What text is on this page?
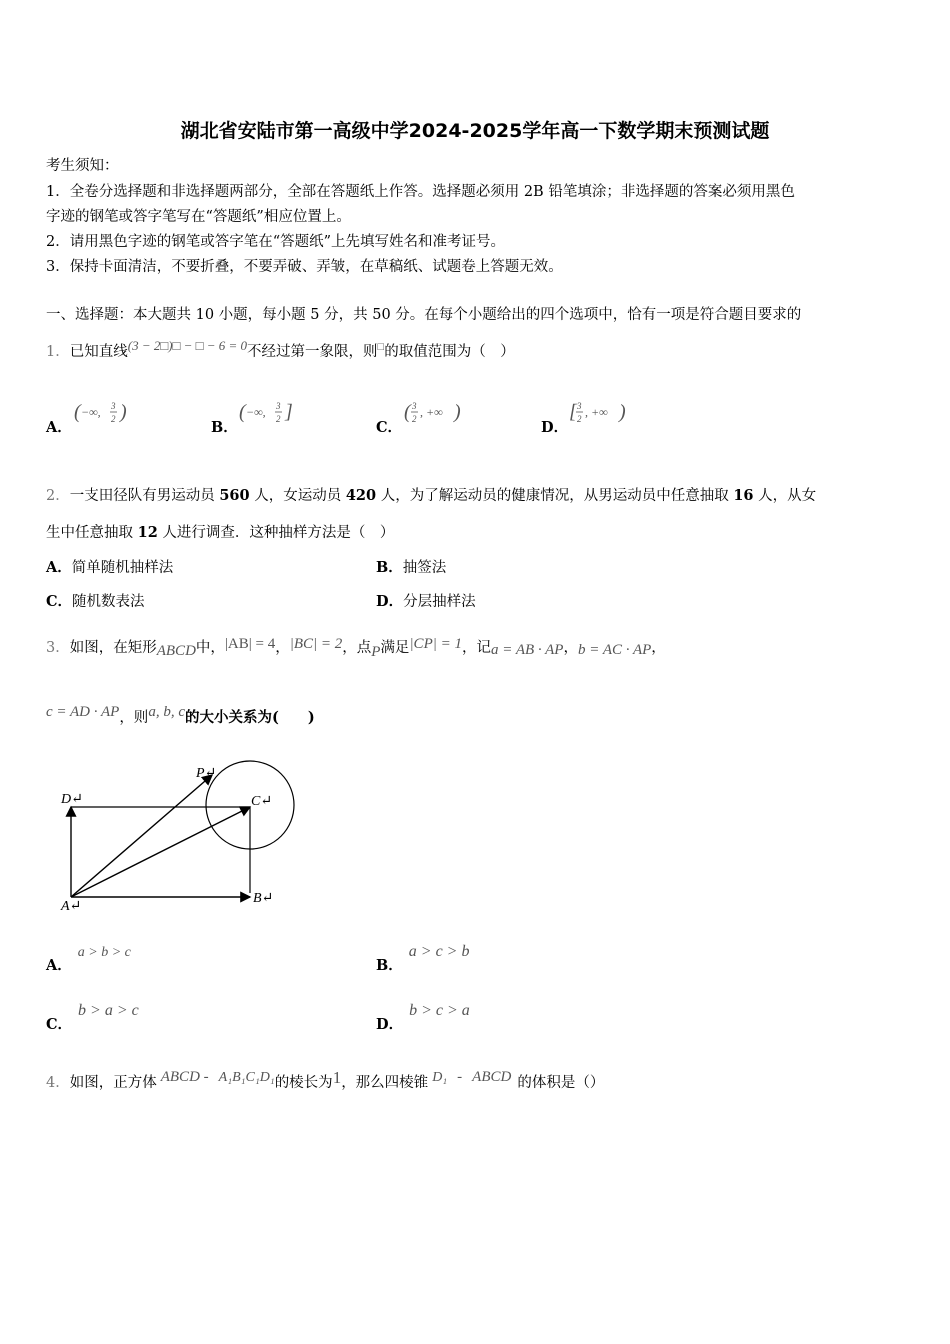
湖北省安陆市第一高级中学2024-2025学年高一下数学期末预测试题
考生须知：
1．全卷分选择题和非选择题两部分，全部在答题纸上作答。选择题必须用 2B 铅笔填涂；非选择题的答案必须用黑色
字迹的钢笔或答字笔写在“答题纸”相应位置上。
2．请用黑色字迹的钢笔或答字笔在“答题纸”上先填写姓名和准考证号。
3．保持卡面清洁，不要折叠，不要弄破、弄皱，在草稿纸、试题卷上答题无效。
一、选择题：本大题共 10 小题，每小题 5 分，共 50 分。在每个小题给出的四个选项中，恰有一项是符合题目要求的
1．已知直线(3 − 2□)□ − □ − 6 = 0不经过第一象限，则□的取值范围为（　）
A．
( −∞, 3
2 )
B．
( −∞, 3
2 ]
C．
( 3
2 , +∞ )
D．
[ 3
2 , +∞ )
2．一支田径队有男运动员 560 人，女运动员 420 人，为了解运动员的健康情况，从男运动员中任意抽取 16 人，从女
生中任意抽取 12 人进行调查．这种抽样方法是（　）
A．简单随机抽样法	B．抽签法
C．随机数表法	D．分层抽样法
3．如图，在矩形ABCD中，|AB| = 4，|BC| = 2，点P满足|CP| = 1，记a = AB · AP，b = AC · AP，
c = AD · AP，则a, b, c的大小关系为(　　)
P↵
C↵
D↵
A↵
B↵
A．a > b > c
B．a > c > b
C．b > a > c
D．b > c > a
4．如图，正方体 ABCD - A₁B₁C₁D₁的棱长为1，那么四棱锥 D₁ - ABCD 的体积是（）
